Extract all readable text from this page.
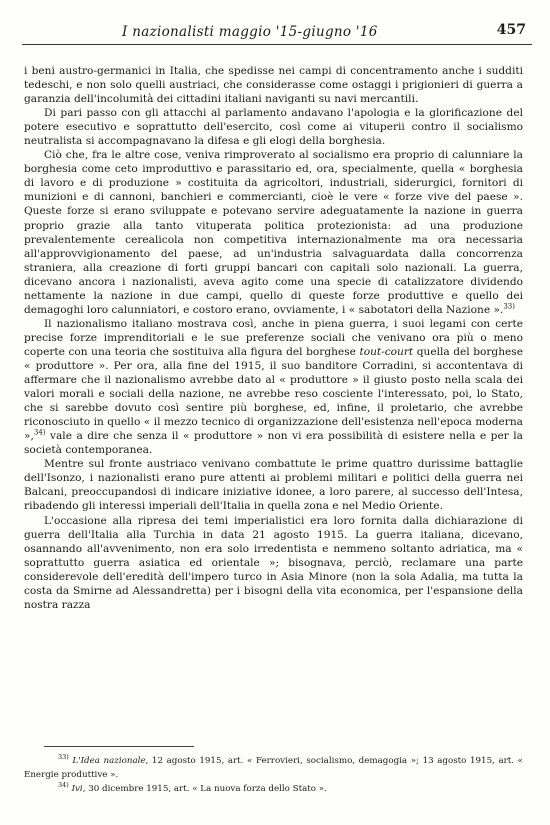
I nazionalisti maggio '15-giugno '16	457

i beni austro-germanici in Italia, che spedisse nei campi di concentramento anche i sudditi tedeschi, e non solo quelli austriaci, che considerasse come ostaggi i prigionieri di guerra a garanzia dell'incolumità dei cittadini italiani naviganti su navi mercantili.

Di pari passo con gli attacchi al parlamento andavano l'apologia e la glorificazione del potere esecutivo e soprattutto dell'esercito, così come ai vituperii contro il socialismo neutralista si accompagnavano la difesa e gli elogi della borghesia.

Ciò che, fra le altre cose, veniva rimproverato al socialismo era proprio di calunniare la borghesia come ceto improduttivo e parassitario ed, ora, specialmente, quella « borghesia di lavoro e di produzione » costituita da agricoltori, industriali, siderurgici, fornitori di munizioni e di cannoni, banchieri e commercianti, cioè le vere « forze vive del paese ». Queste forze si erano sviluppate e potevano servire adeguatamente la nazione in guerra proprio grazie alla tanto vituperata politica protezionista: ad una produzione prevalentemente cerealicola non competitiva internazionalmente ma ora necessaria all'approvvigionamento del paese, ad un'industria salvaguardata dalla concorrenza straniera, alla creazione di forti gruppi bancari con capitali solo nazionali. La guerra, dicevano ancora i nazionalisti, aveva agito come una specie di catalizzatore dividendo nettamente la nazione in due campi, quello di queste forze produttive e quello dei demagoghi loro calunniatori, e costoro erano, ovviamente, i « sabotatori della Nazione ».$^{33)}$

Il nazionalismo italiano mostrava così, anche in piena guerra, i suoi legami con certe precise forze imprenditoriali e le sue preferenze sociali che venivano ora più o meno coperte con una teoria che sostituiva alla figura del borghese tout-court quella del borghese « produttore ». Per ora, alla fine del 1915, il suo banditore Corradini, si accontentava di affermare che il nazionalismo avrebbe dato al « produttore » il giusto posto nella scala dei valori morali e sociali della nazione, ne avrebbe reso cosciente l'interessato, poi, lo Stato, che si sarebbe dovuto così sentire più borghese, ed, infine, il proletario, che avrebbe riconosciuto in quello « il mezzo tecnico di organizzazione dell'esistenza nell'epoca moderna »,$^{34)}$ vale a dire che senza il « produttore » non vi era possibilità di esistere nella e per la società contemporanea.

Mentre sul fronte austriaco venivano combattute le prime quattro durissime battaglie dell'Isonzo, i nazionalisti erano pure attenti ai problemi militari e politici della guerra nei Balcani, preoccupandosi di indicare iniziative idonee, a loro parere, al successo dell'Intesa, ribadendo gli interessi imperiali dell'Italia in quella zona e nel Medio Oriente.

L'occasione alla ripresa dei temi imperialistici era loro fornita dalla dichiarazione di guerra dell'Italia alla Turchia in data 21 agosto 1915. La guerra italiana, dicevano, osannando all'avvenimento, non era solo irredentista e nemmeno soltanto adriatica, ma « soprattutto guerra asiatica ed orientale »; bisognava, perciò, reclamare una parte considerevole dell'eredità dell'impero turco in Asia Minore (non la sola Adalia, ma tutta la costa da Smirne ad Alessandretta) per i bisogni della vita economica, per l'espansione della nostra razza

$^{33)}$ L'Idea nazionale, 12 agosto 1915, art. « Ferrovieri, socialismo, demagogia »; 13 agosto 1915, art. « Energie produttive ».

$^{34)}$ Ivi, 30 dicembre 1915, art. « La nuova forza dello Stato ».
